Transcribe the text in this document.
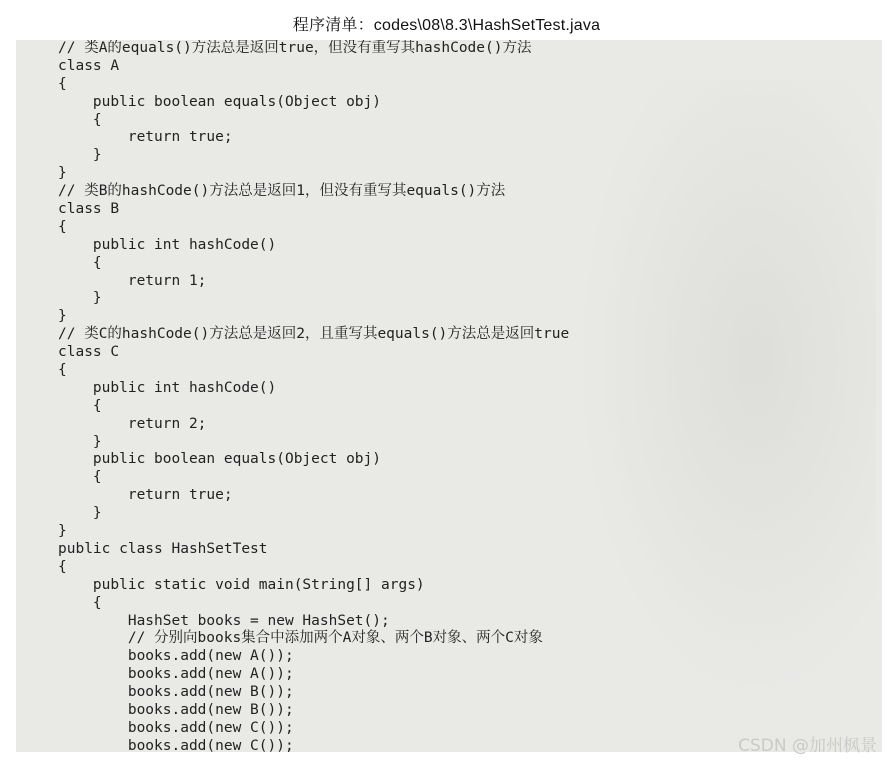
程序清单：codes\08\8.3\HashSetTest.java
// 类A的equals()方法总是返回true，但没有重写其hashCode()方法
class A
{
public boolean equals(Object obj)
{
return true;
}
}
// 类B的hashCode()方法总是返回1，但没有重写其equals()方法
class B
{
public int hashCode()
{
return 1;
}
}
// 类C的hashCode()方法总是返回2，且重写其equals()方法总是返回true
class C
{
public int hashCode()
{
return 2;
}
public boolean equals(Object obj)
{
return true;
}
}
public class HashSetTest
{
public static void main(String[] args)
{
HashSet books = new HashSet();
// 分别向books集合中添加两个A对象、两个B对象、两个C对象
books.add(new A());
books.add(new A());
books.add(new B());
books.add(new B());
books.add(new C());
books.add(new C());	CSDN @加州枫景
